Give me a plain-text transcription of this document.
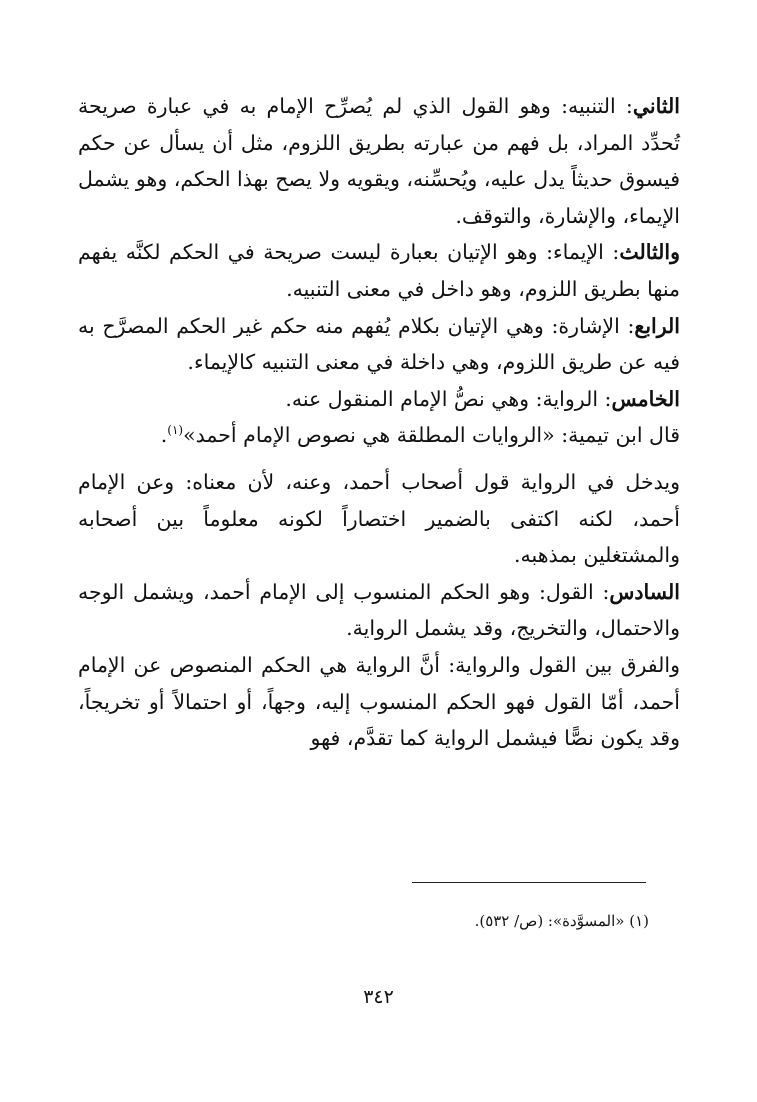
الثاني: التنبيه: وهو القول الذي لم يُصرِّح الإمام به في عبارة صريحة تُحدِّد المراد، بل فهم من عبارته بطريق اللزوم، مثل أن يسأل عن حكم فيسوق حديثاً يدل عليه، ويُحسِّنه، ويقويه ولا يصح بهذا الحكم، وهو يشمل الإيماء، والإشارة، والتوقف.

والثالث: الإيماء: وهو الإتيان بعبارة ليست صريحة في الحكم لكنَّه يفهم منها بطريق اللزوم، وهو داخل في معنى التنبيه.

الرابع: الإشارة: وهي الإتيان بكلام يُفهم منه حكم غير الحكم المصرَّح به فيه عن طريق اللزوم، وهي داخلة في معنى التنبيه كالإيماء.

الخامس: الرواية: وهي نصُّ الإمام المنقول عنه.

قال ابن تيمية: «الروايات المطلقة هي نصوص الإمام أحمد»$^{(١)}$.

ويدخل في الرواية قول أصحاب أحمد، وعنه، لأن معناه: وعن الإمام أحمد، لكنه اكتفى بالضمير اختصاراً لكونه معلوماً بين أصحابه والمشتغلين بمذهبه.

السادس: القول: وهو الحكم المنسوب إلى الإمام أحمد، ويشمل الوجه والاحتمال، والتخريج، وقد يشمل الرواية.

والفرق بين القول والرواية: أنَّ الرواية هي الحكم المنصوص عن الإمام أحمد، أمّا القول فهو الحكم المنسوب إليه، وجهاً، أو احتمالاً أو تخريجاً، وقد يكون نصًّا فيشمل الرواية كما تقدَّم، فهو

(١) «المسوَّدة»: (ص/ ٥٣٢).
٣٤٢
